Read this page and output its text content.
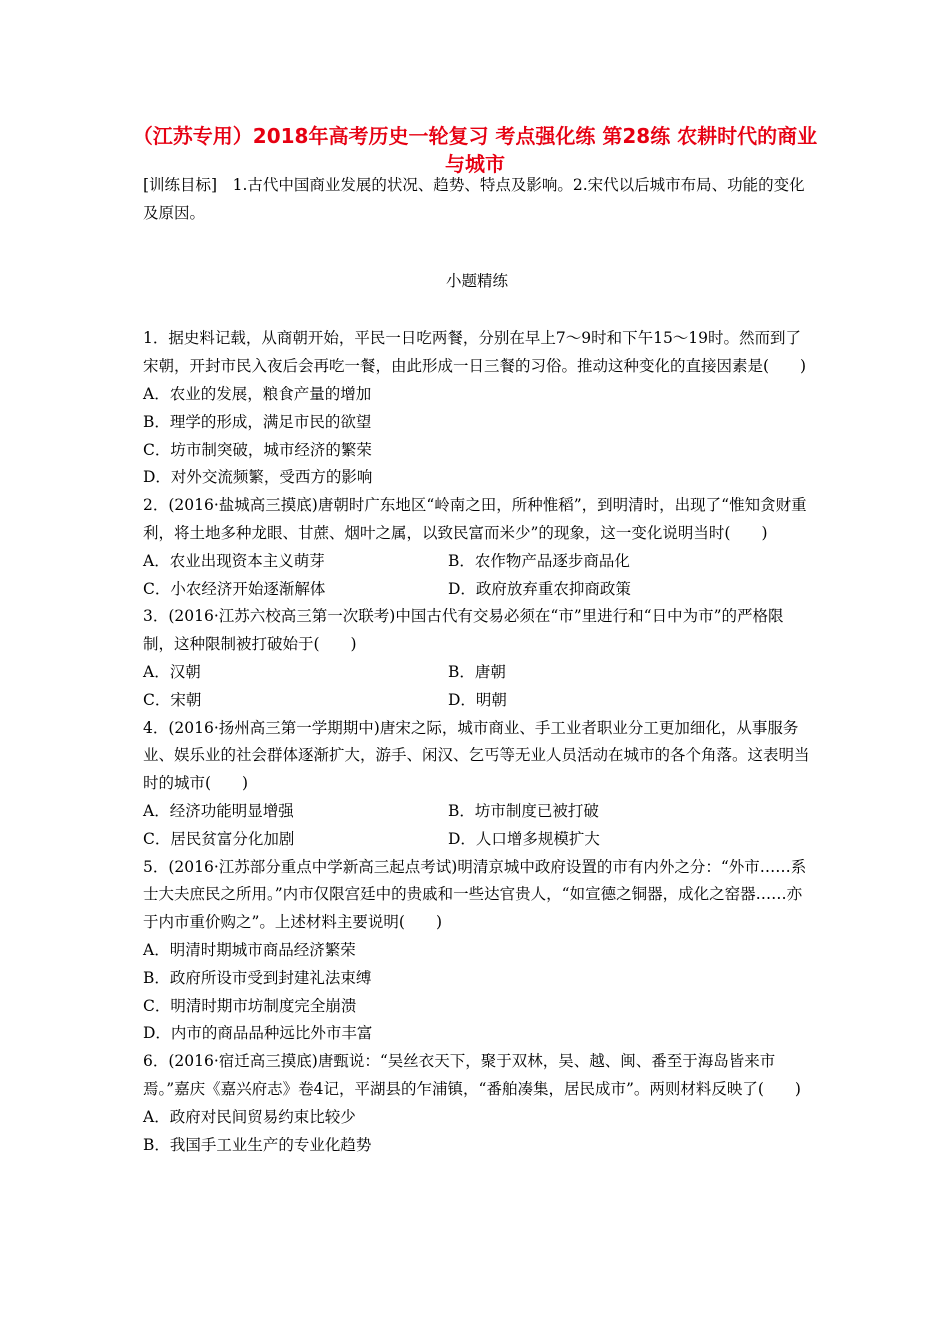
（江苏专用）2018年高考历史一轮复习 考点强化练 第28练 农耕时代的商业与城市

[训练目标]　1.古代中国商业发展的状况、趋势、特点及影响。2.宋代以后城市布局、功能的变化及原因。

小题精练

1．据史料记载，从商朝开始，平民一日吃两餐，分别在早上7～9时和下午15～19时。然而到了宋朝，开封市民入夜后会再吃一餐，由此形成一日三餐的习俗。推动这种变化的直接因素是(　　)

A．农业的发展，粮食产量的增加

B．理学的形成，满足市民的欲望

C．坊市制突破，城市经济的繁荣

D．对外交流频繁，受西方的影响

2．(2016·盐城高三摸底)唐朝时广东地区“岭南之田，所种惟稻”，到明清时，出现了“惟知贪财重利，将土地多种龙眼、甘蔗、烟叶之属，以致民富而米少”的现象，这一变化说明当时(　　)

A．农业出现资本主义萌芽	B．农作物产品逐步商品化
C．小农经济开始逐渐解体	D．政府放弃重农抑商政策

3．(2016·江苏六校高三第一次联考)中国古代有交易必须在“市”里进行和“日中为市”的严格限制，这种限制被打破始于(　　)

A．汉朝	B．唐朝
C．宋朝	D．明朝

4．(2016·扬州高三第一学期期中)唐宋之际，城市商业、手工业者职业分工更加细化，从事服务业、娱乐业的社会群体逐渐扩大，游手、闲汉、乞丐等无业人员活动在城市的各个角落。这表明当时的城市(　　)

A．经济功能明显增强	B．坊市制度已被打破
C．居民贫富分化加剧	D．人口增多规模扩大

5．(2016·江苏部分重点中学新高三起点考试)明清京城中政府设置的市有内外之分：“外市……系士大夫庶民之所用。”内市仅限宫廷中的贵戚和一些达官贵人，“如宣德之铜器，成化之窑器……亦于内市重价购之”。上述材料主要说明(　　)

A．明清时期城市商品经济繁荣

B．政府所设市受到封建礼法束缚

C．明清时期市坊制度完全崩溃

D．内市的商品品种远比外市丰富

6．(2016·宿迁高三摸底)唐甄说：“吴丝衣天下，聚于双林，吴、越、闽、番至于海岛皆来市焉。”嘉庆《嘉兴府志》卷4记，平湖县的乍浦镇，“番舶凑集，居民成市”。两则材料反映了(　　)

A．政府对民间贸易约束比较少

B．我国手工业生产的专业化趋势
